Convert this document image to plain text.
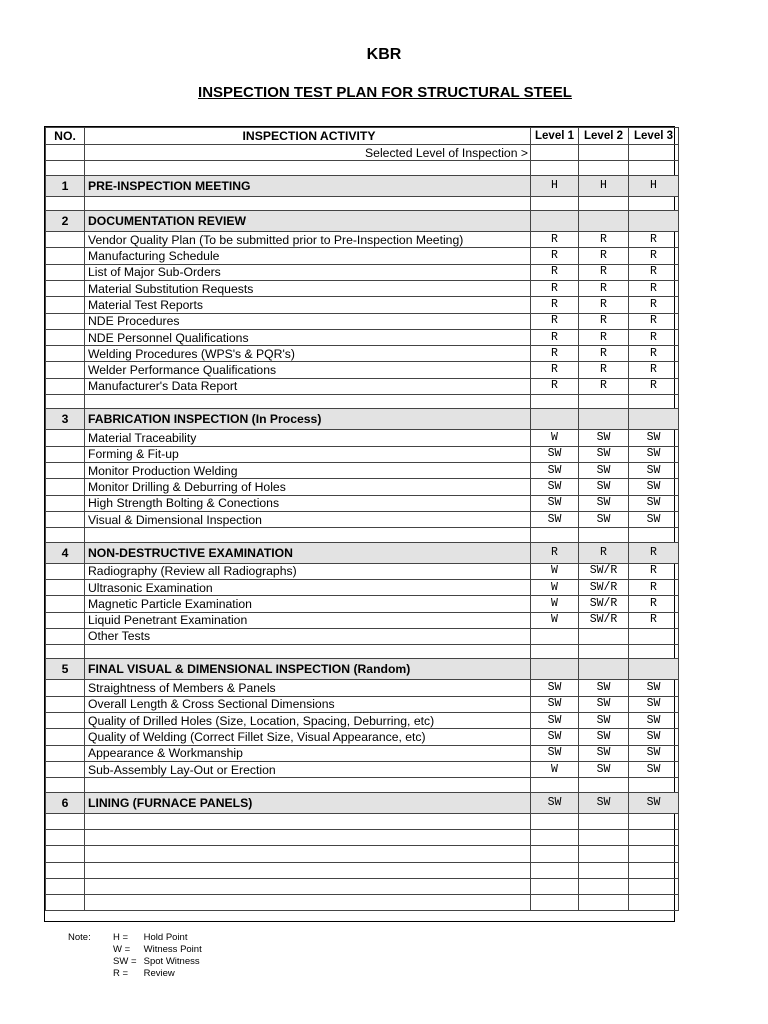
KBR
INSPECTION TEST PLAN FOR STRUCTURAL STEEL
NO.	INSPECTION ACTIVITY	Level 1	Level 2	Level 3
	Selected Level of Inspection >			

1	PRE-INSPECTION MEETING	H	H	H

2	DOCUMENTATION REVIEW			
	Vendor Quality Plan (To be submitted prior to Pre-Inspection Meeting)	R	R	R
	Manufacturing Schedule	R	R	R
	List of Major Sub-Orders	R	R	R
	Material Substitution Requests	R	R	R
	Material Test Reports	R	R	R
	NDE Procedures	R	R	R
	NDE Personnel Qualifications	R	R	R
	Welding Procedures (WPS's & PQR's)	R	R	R
	Welder Performance Qualifications	R	R	R
	Manufacturer's Data Report	R	R	R

3	FABRICATION INSPECTION (In Process)			
	Material Traceability	W	SW	SW
	Forming & Fit-up	SW	SW	SW
	Monitor Production Welding	SW	SW	SW
	Monitor Drilling & Deburring of Holes	SW	SW	SW
	High Strength Bolting & Conections	SW	SW	SW
	Visual & Dimensional Inspection	SW	SW	SW

4	NON-DESTRUCTIVE EXAMINATION	R	R	R
	Radiography (Review all Radiographs)	W	SW/R	R
	Ultrasonic Examination	W	SW/R	R
	Magnetic Particle Examination	W	SW/R	R
	Liquid Penetrant Examination	W	SW/R	R
	Other Tests			

5	FINAL VISUAL & DIMENSIONAL INSPECTION (Random)			
	Straightness of Members & Panels	SW	SW	SW
	Overall Length & Cross Sectional Dimensions	SW	SW	SW
	Quality of Drilled Holes (Size, Location, Spacing, Deburring, etc)	SW	SW	SW
	Quality of Welding (Correct Fillet Size, Visual Appearance, etc)	SW	SW	SW
	Appearance & Workmanship	SW	SW	SW
	Sub-Assembly Lay-Out or Erection	W	SW	SW

6	LINING (FURNACE PANELS)	SW	SW	SW

Note: H = Hold Point
W = Witness Point
SW = Spot Witness
R = Review
